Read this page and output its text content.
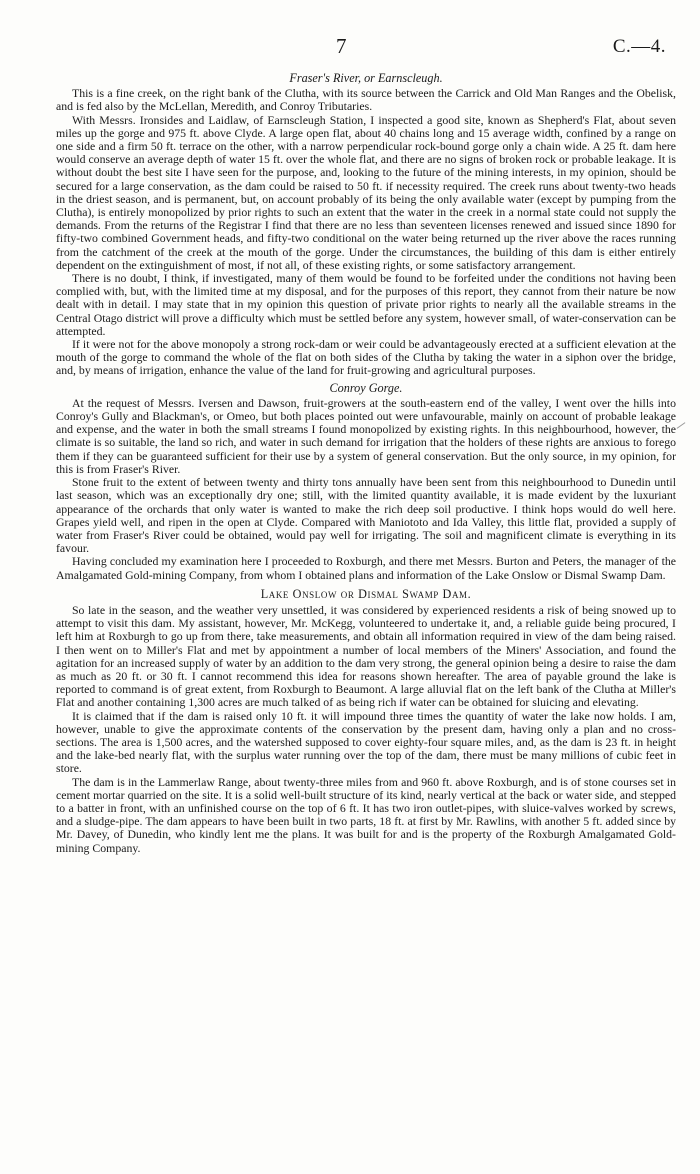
7	C.—4.
Fraser's River, or Earnscleugh.

This is a fine creek, on the right bank of the Clutha, with its source between the Carrick and Old Man Ranges and the Obelisk, and is fed also by the McLellan, Meredith, and Conroy Tributaries.

With Messrs. Ironsides and Laidlaw, of Earnscleugh Station, I inspected a good site, known as Shepherd's Flat, about seven miles up the gorge and 975 ft. above Clyde. A large open flat, about 40 chains long and 15 average width, confined by a range on one side and a firm 50 ft. terrace on the other, with a narrow perpendicular rock-bound gorge only a chain wide. A 25 ft. dam here would conserve an average depth of water 15 ft. over the whole flat, and there are no signs of broken rock or probable leakage. It is without doubt the best site I have seen for the purpose, and, looking to the future of the mining interests, in my opinion, should be secured for a large conservation, as the dam could be raised to 50 ft. if necessity required. The creek runs about twenty-two heads in the driest season, and is permanent, but, on account probably of its being the only available water (except by pumping from the Clutha), is entirely monopolized by prior rights to such an extent that the water in the creek in a normal state could not supply the demands. From the returns of the Registrar I find that there are no less than seventeen licenses renewed and issued since 1890 for fifty-two combined Government heads, and fifty-two conditional on the water being returned up the river above the races running from the catchment of the creek at the mouth of the gorge. Under the circumstances, the building of this dam is either entirely dependent on the extinguishment of most, if not all, of these existing rights, or some satisfactory arrangement.

There is no doubt, I think, if investigated, many of them would be found to be forfeited under the conditions not having been complied with, but, with the limited time at my disposal, and for the purposes of this report, they cannot from their nature be now dealt with in detail. I may state that in my opinion this question of private prior rights to nearly all the available streams in the Central Otago district will prove a difficulty which must be settled before any system, however small, of water-conservation can be attempted.

If it were not for the above monopoly a strong rock-dam or weir could be advantageously erected at a sufficient elevation at the mouth of the gorge to command the whole of the flat on both sides of the Clutha by taking the water in a siphon over the bridge, and, by means of irrigation, enhance the value of the land for fruit-growing and agricultural purposes.

Conroy Gorge.

At the request of Messrs. Iversen and Dawson, fruit-growers at the south-eastern end of the valley, I went over the hills into Conroy's Gully and Blackman's, or Omeo, but both places pointed out were unfavourable, mainly on account of probable leakage and expense, and the water in both the small streams I found monopolized by existing rights. In this neighbourhood, however, the climate is so suitable, the land so rich, and water in such demand for irrigation that the holders of these rights are anxious to forego them if they can be guaranteed sufficient for their use by a system of general conservation. But the only source, in my opinion, for this is from Fraser's River.

Stone fruit to the extent of between twenty and thirty tons annually have been sent from this neighbourhood to Dunedin until last season, which was an exceptionally dry one; still, with the limited quantity available, it is made evident by the luxuriant appearance of the orchards that only water is wanted to make the rich deep soil productive. I think hops would do well here. Grapes yield well, and ripen in the open at Clyde. Compared with Maniototo and Ida Valley, this little flat, provided a supply of water from Fraser's River could be obtained, would pay well for irrigating. The soil and magnificent climate is everything in its favour.

Having concluded my examination here I proceeded to Roxburgh, and there met Messrs. Burton and Peters, the manager of the Amalgamated Gold-mining Company, from whom I obtained plans and information of the Lake Onslow or Dismal Swamp Dam.

Lake Onslow or Dismal Swamp Dam.

So late in the season, and the weather very unsettled, it was considered by experienced residents a risk of being snowed up to attempt to visit this dam. My assistant, however, Mr. McKegg, volunteered to undertake it, and, a reliable guide being procured, I left him at Roxburgh to go up from there, take measurements, and obtain all information required in view of the dam being raised. I then went on to Miller's Flat and met by appointment a number of local members of the Miners' Association, and found the agitation for an increased supply of water by an addition to the dam very strong, the general opinion being a desire to raise the dam as much as 20 ft. or 30 ft. I cannot recommend this idea for reasons shown hereafter. The area of payable ground the lake is reported to command is of great extent, from Roxburgh to Beaumont. A large alluvial flat on the left bank of the Clutha at Miller's Flat and another containing 1,300 acres are much talked of as being rich if water can be obtained for sluicing and elevating.

It is claimed that if the dam is raised only 10 ft. it will impound three times the quantity of water the lake now holds. I am, however, unable to give the approximate contents of the conservation by the present dam, having only a plan and no cross-sections. The area is 1,500 acres, and the watershed supposed to cover eighty-four square miles, and, as the dam is 23 ft. in height and the lake-bed nearly flat, with the surplus water running over the top of the dam, there must be many millions of cubic feet in store.

The dam is in the Lammerlaw Range, about twenty-three miles from and 960 ft. above Roxburgh, and is of stone courses set in cement mortar quarried on the site. It is a solid well-built structure of its kind, nearly vertical at the back or water side, and stepped to a batter in front, with an unfinished course on the top of 6 ft. It has two iron outlet-pipes, with sluice-valves worked by screws, and a sludge-pipe. The dam appears to have been built in two parts, 18 ft. at first by Mr. Rawlins, with another 5 ft. added since by Mr. Davey, of Dunedin, who kindly lent me the plans. It was built for and is the property of the Roxburgh Amalgamated Gold-mining Company.
